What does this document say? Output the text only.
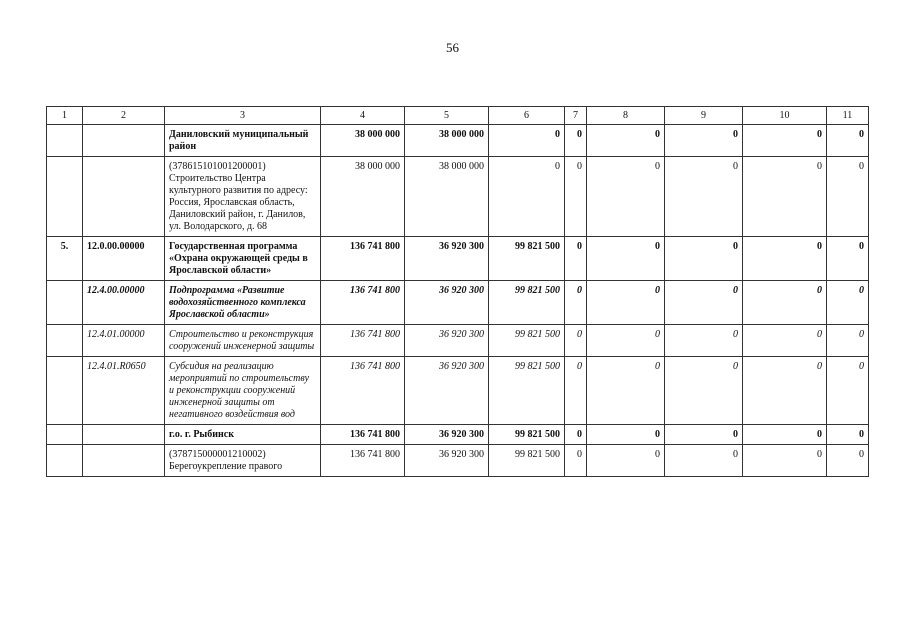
56
1	2	3	4	5	6	7	8	9	10	11
		Даниловский муниципальный район	38 000 000	38 000 000	0	0	0	0	0	0
		(378615101001200001) Строительство Центра культурного развития по адресу: Россия, Ярославская область, Даниловский район, г. Данилов, ул. Володарского, д. 68	38 000 000	38 000 000	0	0	0	0	0	0
5.	12.0.00.00000	Государственная программа «Охрана окружающей среды в Ярославской области»	136 741 800	36 920 300	99 821 500	0	0	0	0	0
	12.4.00.00000	Подпрограмма «Развитие водохозяйственного комплекса Ярославской области»	136 741 800	36 920 300	99 821 500	0	0	0	0	0
	12.4.01.00000	Строительство и реконструкция сооружений инженерной защиты	136 741 800	36 920 300	99 821 500	0	0	0	0	0
	12.4.01.R0650	Субсидия на реализацию мероприятий по строительству и реконструкции сооружений инженерной защиты от негативного воздействия вод	136 741 800	36 920 300	99 821 500	0	0	0	0	0
		г.о. г. Рыбинск	136 741 800	36 920 300	99 821 500	0	0	0	0	0
		(378715000001210002) Берегоукрепление правого	136 741 800	36 920 300	99 821 500	0	0	0	0	0
